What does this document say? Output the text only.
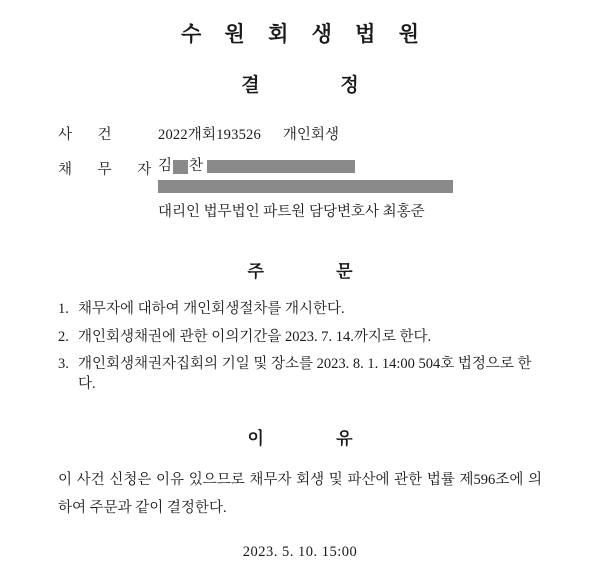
수 원 회 생 법 원
결 정
사 건	2022개회193526 개인회생
채 무 자
김 찬
대리인 법무법인 파트원 담당변호사 최홍준
주 문
1. 채무자에 대하여 개인회생절차를 개시한다.
2. 개인회생채권에 관한 이의기간을 2023. 7. 14.까지로 한다.
3. 개인회생채권자집회의 기일 및 장소를 2023. 8. 1. 14:00 504호 법정으로 한다.
이 유
이 사건 신청은 이유 있으므로 채무자 회생 및 파산에 관한 법률 제596조에 의하여 주문과 같이 결정한다.
2023. 5. 10. 15:00
